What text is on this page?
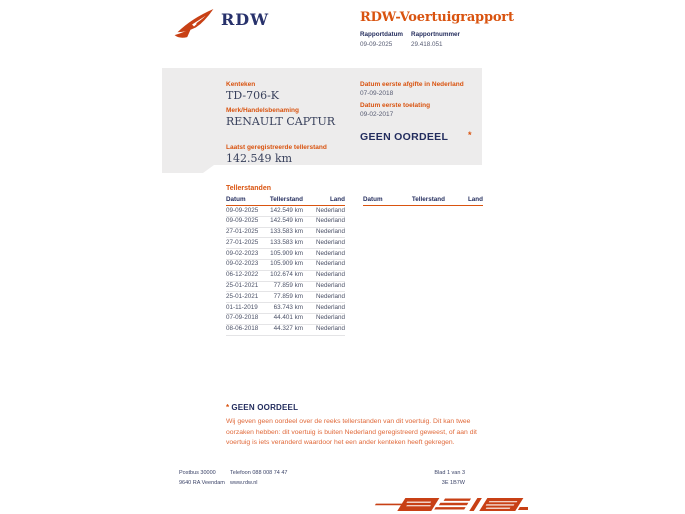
RDW	RDW-Voertuigrapport
Rapportdatum
09-09-2025
Rapportnummer
29.418.051
Kenteken
TD-706-K
Merk/Handelsbenaming
RENAULT CAPTUR
Laatst geregistreerde tellerstand
142.549 km
Datum eerste afgifte in Nederland
07-09-2018
Datum eerste toelating
09-02-2017
GEEN OORDEEL	*
Tellerstanden
Datum	Tellerstand	Land
09-09-2025	142.549 km	Nederland
09-09-2025	142.549 km	Nederland
27-01-2025	133.583 km	Nederland
27-01-2025	133.583 km	Nederland
09-02-2023	105.909 km	Nederland
09-02-2023	105.909 km	Nederland
06-12-2022	102.674 km	Nederland
25-01-2021	77.859 km	Nederland
25-01-2021	77.859 km	Nederland
01-11-2019	63.743 km	Nederland
07-09-2018	44.401 km	Nederland
08-06-2018	44.327 km	Nederland
Datum	Tellerstand	Land
* GEEN OORDEEL
Wij geven geen oordeel over de reeks tellerstanden van dit voertuig. Dit kan twee oorzaken hebben: dit voertuig is buiten Nederland geregistreerd geweest, of aan dit voertuig is iets veranderd waardoor het een ander kenteken heeft gekregen.
Postbus 30000
9640 RA Veendam
Telefoon 088 008 74 47
www.rdw.nl
Blad 1 van 3
3E 1B7W
